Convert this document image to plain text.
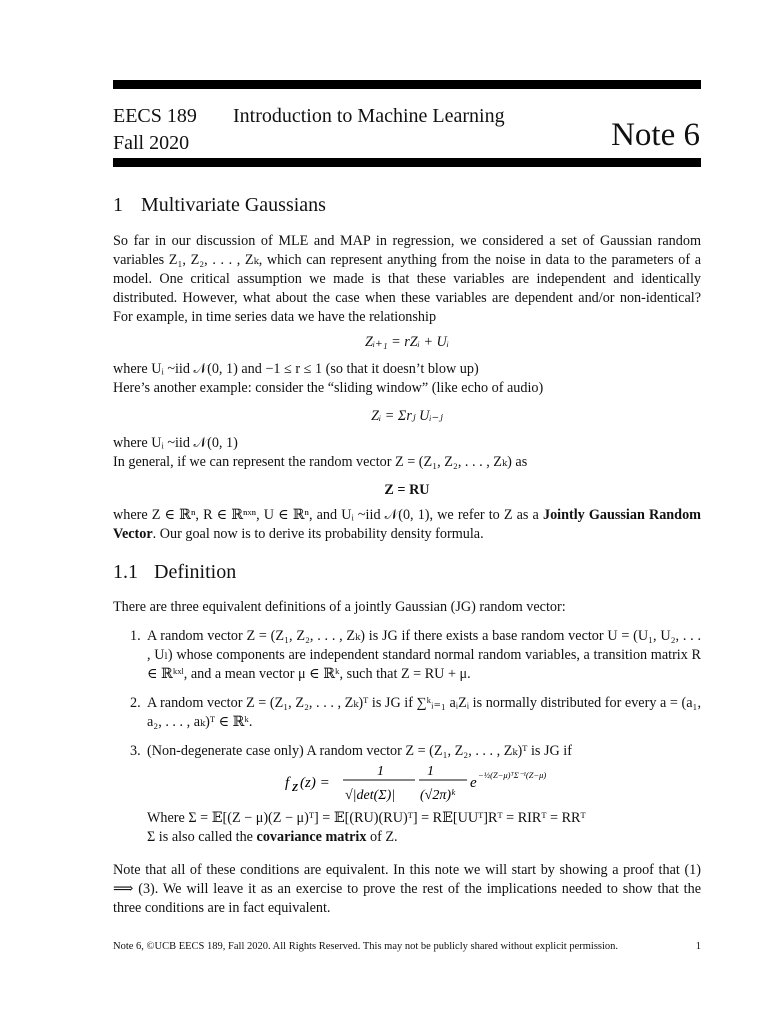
EECS 189
Fall 2020
Introduction to Machine Learning
Note 6
1 Multivariate Gaussians
So far in our discussion of MLE and MAP in regression, we considered a set of Gaussian random variables Z₁, Z₂, . . . , Zₖ, which can represent anything from the noise in data to the parameters of a model. One critical assumption we made is that these variables are independent and identically distributed. However, what about the case when these variables are dependent and/or non-identical? For example, in time series data we have the relationship
Zᵢ₊₁ = rZᵢ + Uᵢ
where Uᵢ ~iid 𝒩(0, 1) and −1 ≤ r ≤ 1 (so that it doesn’t blow up)
Here’s another example: consider the “sliding window” (like echo of audio)
Zᵢ = Σrⱼ Uᵢ₋ⱼ
where Uᵢ ~iid 𝒩(0, 1)
In general, if we can represent the random vector Z = (Z₁, Z₂, . . . , Zₖ) as
Z = RU
where Z ∈ ℝⁿ, R ∈ ℝⁿˣⁿ, U ∈ ℝⁿ, and Uᵢ ~iid 𝒩(0, 1), we refer to Z as a Jointly Gaussian Random Vector. Our goal now is to derive its probability density formula.
1.1 Definition
There are three equivalent definitions of a jointly Gaussian (JG) random vector:
1. A random vector Z = (Z₁, Z₂, . . . , Zₖ) is JG if there exists a base random vector U = (U₁, U₂, . . . , Uₗ) whose components are independent standard normal random variables, a transition matrix R ∈ ℝᵏˣˡ, and a mean vector μ ∈ ℝᵏ, such that Z = RU + μ.
2. A random vector Z = (Z₁, Z₂, . . . , Zₖ)ᵀ is JG if ∑ᵏᵢ₌₁ aᵢZᵢ is normally distributed for every a = (a₁, a₂, . . . , aₖ)ᵀ ∈ ℝᵏ.
3. (Non-degenerate case only) A random vector Z = (Z₁, Z₂, . . . , Zₖ)ᵀ is JG if
f Z (z) =
1
√|det(Σ)|
1
(√2π)ᵏ
e −½(Z−μ)ᵀΣ⁻¹(Z−μ)
Where Σ = 𝔼[(Z − μ)(Z − μ)ᵀ] = 𝔼[(RU)(RU)ᵀ] = R𝔼[UUᵀ]Rᵀ = RIRᵀ = RRᵀ
Σ is also called the covariance matrix of Z.
Note that all of these conditions are equivalent. In this note we will start by showing a proof that (1) ⟹ (3). We will leave it as an exercise to prove the rest of the implications needed to show that the three conditions are in fact equivalent.
Note 6, ©UCB EECS 189, Fall 2020. All Rights Reserved. This may not be publicly shared without explicit permission.	1
